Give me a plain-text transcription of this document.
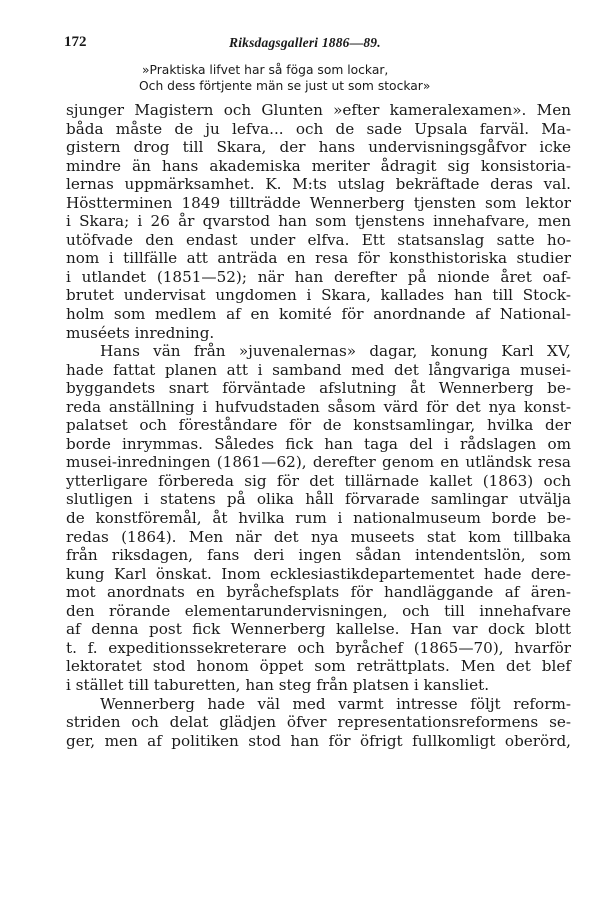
172	Riksdagsgalleri 1886—89.
»Praktiska lifvet har så föga som lockar,
Och dess förtjente män se just ut som stockar»
sjunger Magistern och Glunten »efter kameralexamen». Men
båda måste de ju lefva... och de sade Upsala farväl. Ma-
gistern drog till Skara, der hans undervisningsgåfvor icke
mindre än hans akademiska meriter ådragit sig konsistoria-
lernas uppmärksamhet. K. M:ts utslag bekräftade deras val.
Höstterminen 1849 tillträdde Wennerberg tjensten som lektor
i Skara; i 26 år qvarstod han som tjenstens innehafvare, men
utöfvade den endast under elfva. Ett statsanslag satte ho-
nom i tillfälle att anträda en resa för konsthistoriska studier
i utlandet (1851—52); när han derefter på nionde året oaf-
brutet undervisat ungdomen i Skara, kallades han till Stock-
holm som medlem af en komité för anordnande af National-
muséets inredning.
Hans vän från »juvenalernas» dagar, konung Karl XV,
hade fattat planen att i samband med det långvariga musei-
byggandets snart förväntade afslutning åt Wennerberg be-
reda anställning i hufvudstaden såsom värd för det nya konst-
palatset och föreståndare för de konstsamlingar, hvilka der
borde inrymmas. Således fick han taga del i rådslagen om
musei-inredningen (1861—62), derefter genom en utländsk resa
ytterligare förbereda sig för det tillärnade kallet (1863) och
slutligen i statens på olika håll förvarade samlingar utvälja
de konstföremål, åt hvilka rum i nationalmuseum borde be-
redas (1864). Men när det nya museets stat kom tillbaka
från riksdagen, fans deri ingen sådan intendentslön, som
kung Karl önskat. Inom ecklesiastikdepartementet hade dere-
mot anordnats en byråchefsplats för handläggande af ären-
den rörande elementarundervisningen, och till innehafvare
af denna post fick Wennerberg kallelse. Han var dock blott
t. f. expeditionssekreterare och byråchef (1865—70), hvarför
lektoratet stod honom öppet som reträttplats. Men det blef
i stället till taburetten, han steg från platsen i kansliet.
Wennerberg hade väl med varmt intresse följt reform-
striden och delat glädjen öfver representationsreformens se-
ger, men af politiken stod han för öfrigt fullkomligt oberörd,
